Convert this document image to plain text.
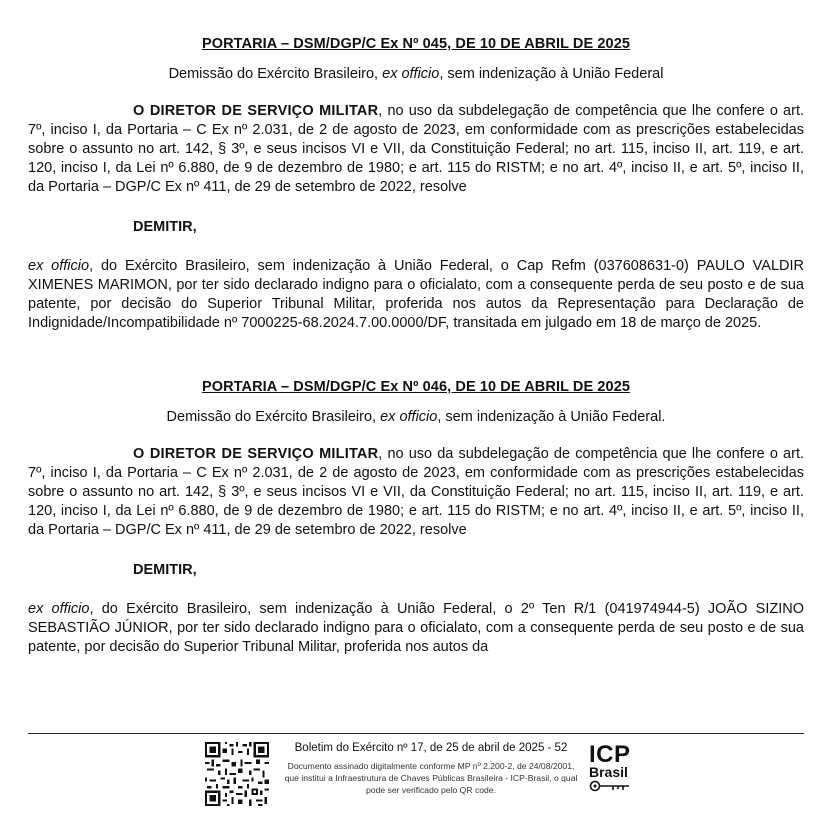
PORTARIA – DSM/DGP/C Ex Nº 045, DE 10 DE ABRIL DE 2025

Demissão do Exército Brasileiro, ex officio, sem indenização à União Federal

O DIRETOR DE SERVIÇO MILITAR, no uso da subdelegação de competência que lhe confere o art. 7º, inciso I, da Portaria – C Ex nº 2.031, de 2 de agosto de 2023, em conformidade com as prescrições estabelecidas sobre o assunto no art. 142, § 3º, e seus incisos VI e VII, da Constituição Federal; no art. 115, inciso II, art. 119, e art. 120, inciso I, da Lei nº 6.880, de 9 de dezembro de 1980; e art. 115 do RISTM; e no art. 4º, inciso II, e art. 5º, inciso II, da Portaria – DGP/C Ex nº 411, de 29 de setembro de 2022, resolve

DEMITIR,

ex officio, do Exército Brasileiro, sem indenização à União Federal, o Cap Refm (037608631-0) PAULO VALDIR XIMENES MARIMON, por ter sido declarado indigno para o oficialato, com a consequente perda de seu posto e de sua patente, por decisão do Superior Tribunal Militar, proferida nos autos da Representação para Declaração de Indignidade/Incompatibilidade nº 7000225-68.2024.7.00.0000/DF, transitada em julgado em 18 de março de 2025.

PORTARIA – DSM/DGP/C Ex Nº 046, DE 10 DE ABRIL DE 2025

Demissão do Exército Brasileiro, ex officio, sem indenização à União Federal.

O DIRETOR DE SERVIÇO MILITAR, no uso da subdelegação de competência que lhe confere o art. 7º, inciso I, da Portaria – C Ex nº 2.031, de 2 de agosto de 2023, em conformidade com as prescrições estabelecidas sobre o assunto no art. 142, § 3º, e seus incisos VI e VII, da Constituição Federal; no art. 115, inciso II, art. 119, e art. 120, inciso I, da Lei nº 6.880, de 9 de dezembro de 1980; e art. 115 do RISTM; e no art. 4º, inciso II, e art. 5º, inciso II, da Portaria – DGP/C Ex nº 411, de 29 de setembro de 2022, resolve

DEMITIR,

ex officio, do Exército Brasileiro, sem indenização à União Federal, o 2º Ten R/1 (041974944-5) JOÃO SIZINO SEBASTIÃO JÚNIOR, por ter sido declarado indigno para o oficialato, com a consequente perda de seu posto e de sua patente, por decisão do Superior Tribunal Militar, proferida nos autos da

Boletim do Exército nº 17, de 25 de abril de 2025 - 52

Documento assinado digitalmente conforme MP nº 2.200-2, de 24/08/2001, que institui a Infraestrutura de Chaves Públicas Brasileira - ICP-Brasil, o qual pode ser verificado pelo QR code.

ICP
Brasil
